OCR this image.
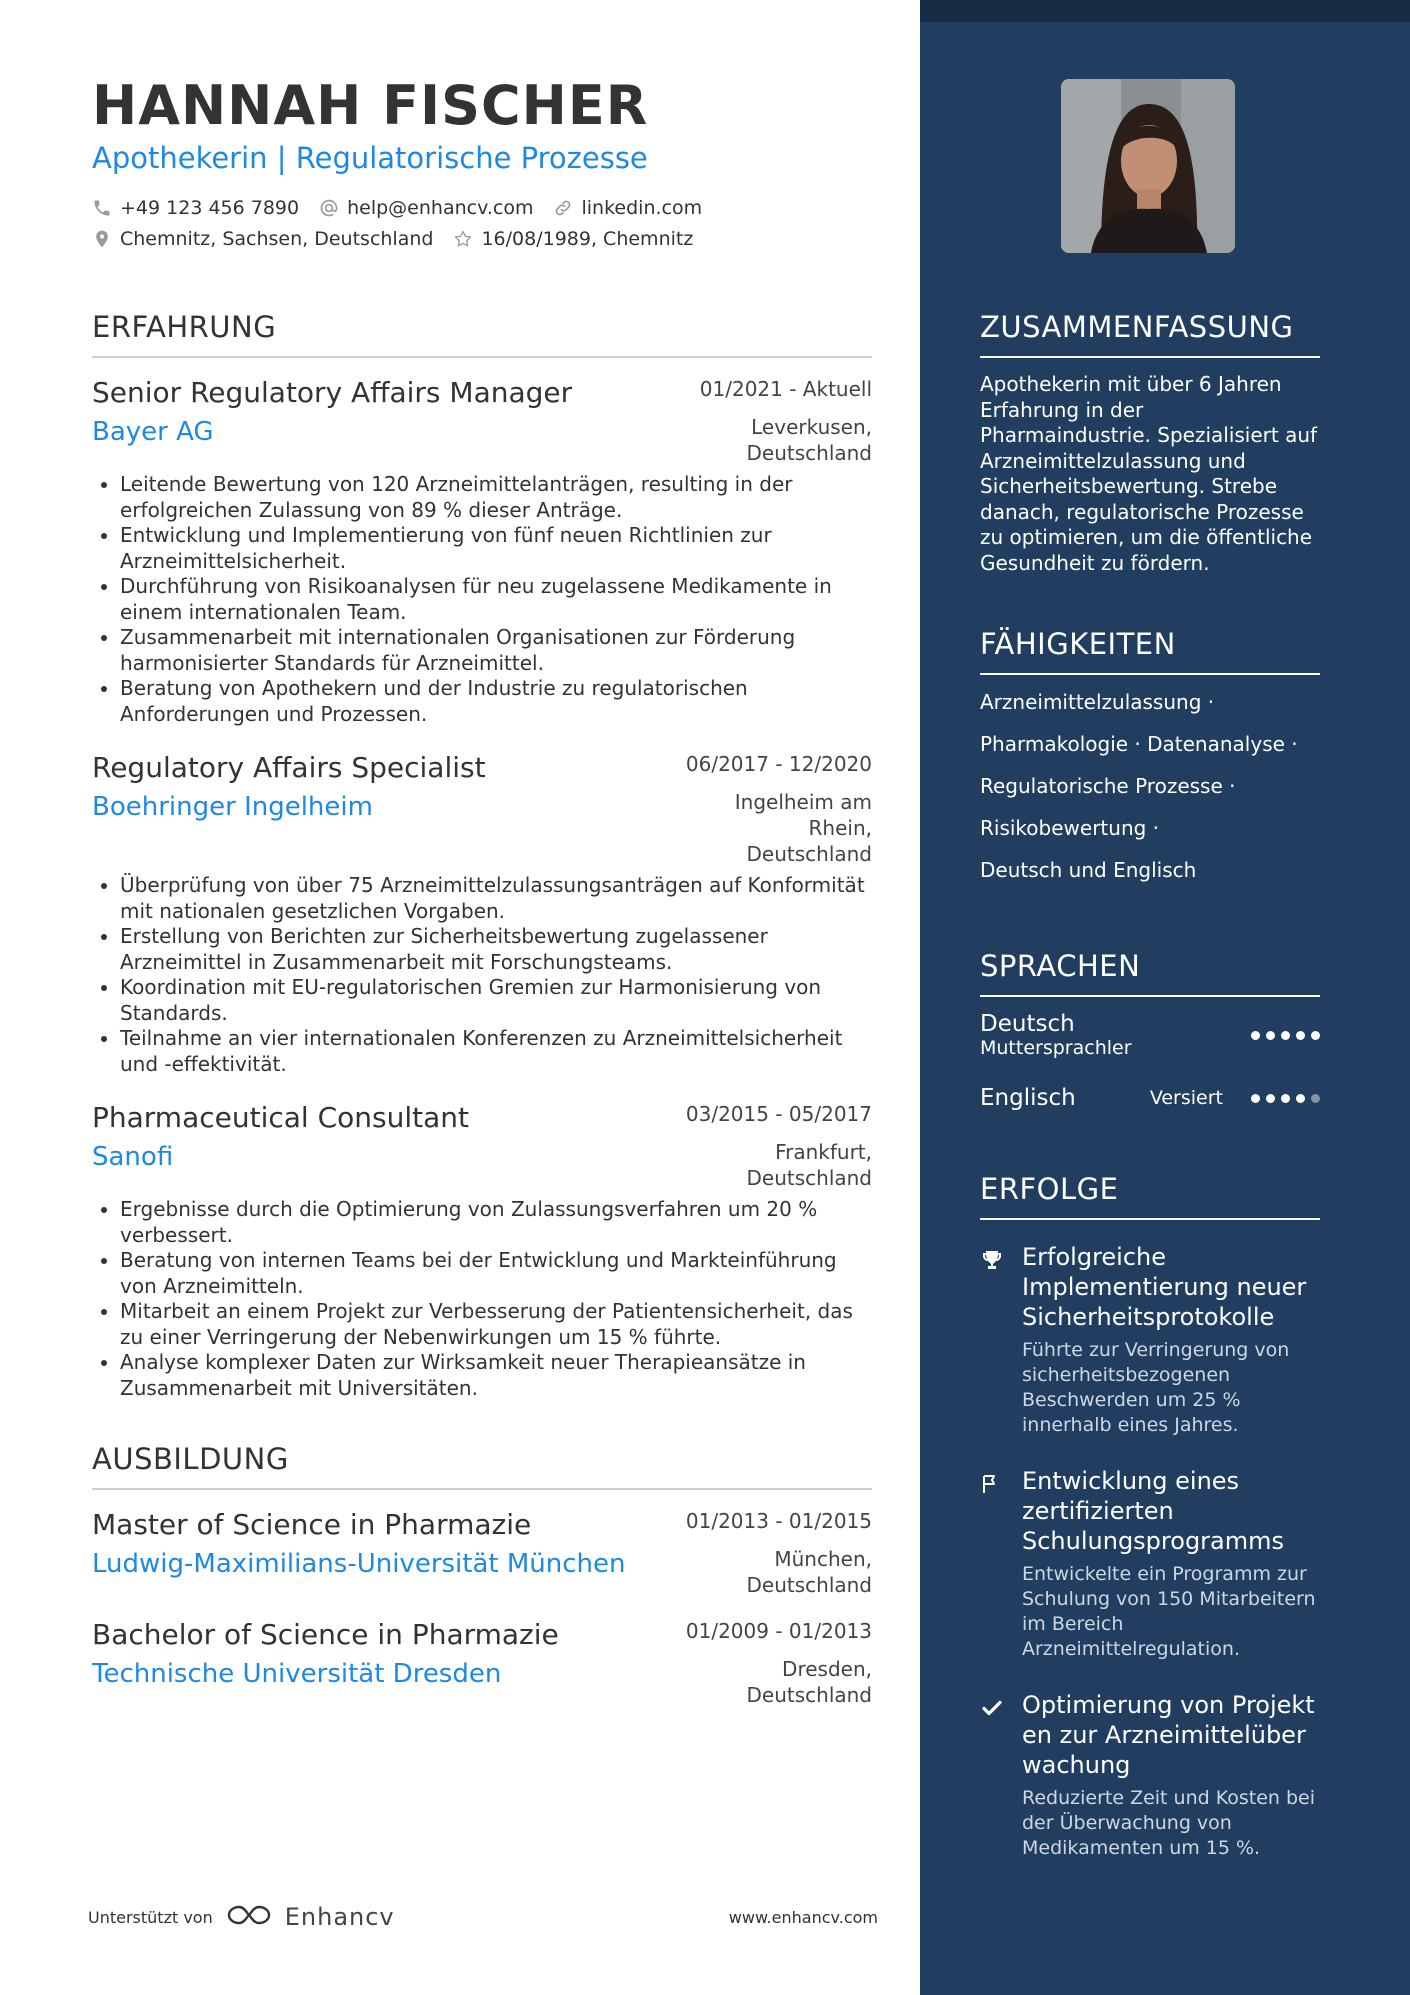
HANNAH FISCHER
Apothekerin | Regulatorische Prozesse
+49 123 456 7890	help@enhancv.com	linkedin.com
Chemnitz, Sachsen, Deutschland	16/08/1989, Chemnitz
ERFAHRUNG
Senior Regulatory Affairs Manager	01/2021 - Aktuell
Bayer AG	Leverkusen, Deutschland
• Leitende Bewertung von 120 Arzneimittelanträgen, resulting in der erfolgreichen Zulassung von 89 % dieser Anträge.
• Entwicklung und Implementierung von fünf neuen Richtlinien zur Arzneimittelsicherheit.
• Durchführung von Risikoanalysen für neu zugelassene Medikamente in einem internationalen Team.
• Zusammenarbeit mit internationalen Organisationen zur Förderung harmonisierter Standards für Arzneimittel.
• Beratung von Apothekern und der Industrie zu regulatorischen Anforderungen und Prozessen.
Regulatory Affairs Specialist	06/2017 - 12/2020
Boehringer Ingelheim	Ingelheim am Rhein, Deutschland
• Überprüfung von über 75 Arzneimittelzulassungsanträgen auf Konformität mit nationalen gesetzlichen Vorgaben.
• Erstellung von Berichten zur Sicherheitsbewertung zugelassener Arzneimittel in Zusammenarbeit mit Forschungsteams.
• Koordination mit EU-regulatorischen Gremien zur Harmonisierung von Standards.
• Teilnahme an vier internationalen Konferenzen zu Arzneimittelsicherheit und -effektivität.
Pharmaceutical Consultant	03/2015 - 05/2017
Sanofi	Frankfurt, Deutschland
• Ergebnisse durch die Optimierung von Zulassungsverfahren um 20 % verbessert.
• Beratung von internen Teams bei der Entwicklung und Markteinführung von Arzneimitteln.
• Mitarbeit an einem Projekt zur Verbesserung der Patientensicherheit, das zu einer Verringerung der Nebenwirkungen um 15 % führte.
• Analyse komplexer Daten zur Wirksamkeit neuer Therapieansätze in Zusammenarbeit mit Universitäten.
AUSBILDUNG
Master of Science in Pharmazie	01/2013 - 01/2015
Ludwig-Maximilians-Universität München	München, Deutschland
Bachelor of Science in Pharmazie	01/2009 - 01/2013
Technische Universität Dresden	Dresden, Deutschland
Unterstützt von	Enhancv	www.enhancv.com
ZUSAMMENFASSUNG
Apothekerin mit über 6 Jahren Erfahrung in der Pharmaindustrie. Spezialisiert auf Arzneimittelzulassung und Sicherheitsbewertung. Strebe danach, regulatorische Prozesse zu optimieren, um die öffentliche Gesundheit zu fördern.
FÄHIGKEITEN
Arzneimittelzulassung ·
Pharmakologie · Datenanalyse ·
Regulatorische Prozesse ·
Risikobewertung ·
Deutsch und Englisch
SPRACHEN
Deutsch
Muttersprachler
Englisch	Versiert
ERFOLGE
Erfolgreiche Implementierung neuer Sicherheitsprotokolle
Führte zur Verringerung von sicherheitsbezogenen Beschwerden um 25 % innerhalb eines Jahres.
Entwicklung eines zertifizierten Schulungsprogramms
Entwickelte ein Programm zur Schulung von 150 Mitarbeitern im Bereich Arzneimittelregulation.
Optimierung von Projekten zur Arzneimittelüberwachung
Reduzierte Zeit und Kosten bei der Überwachung von Medikamenten um 15 %.
